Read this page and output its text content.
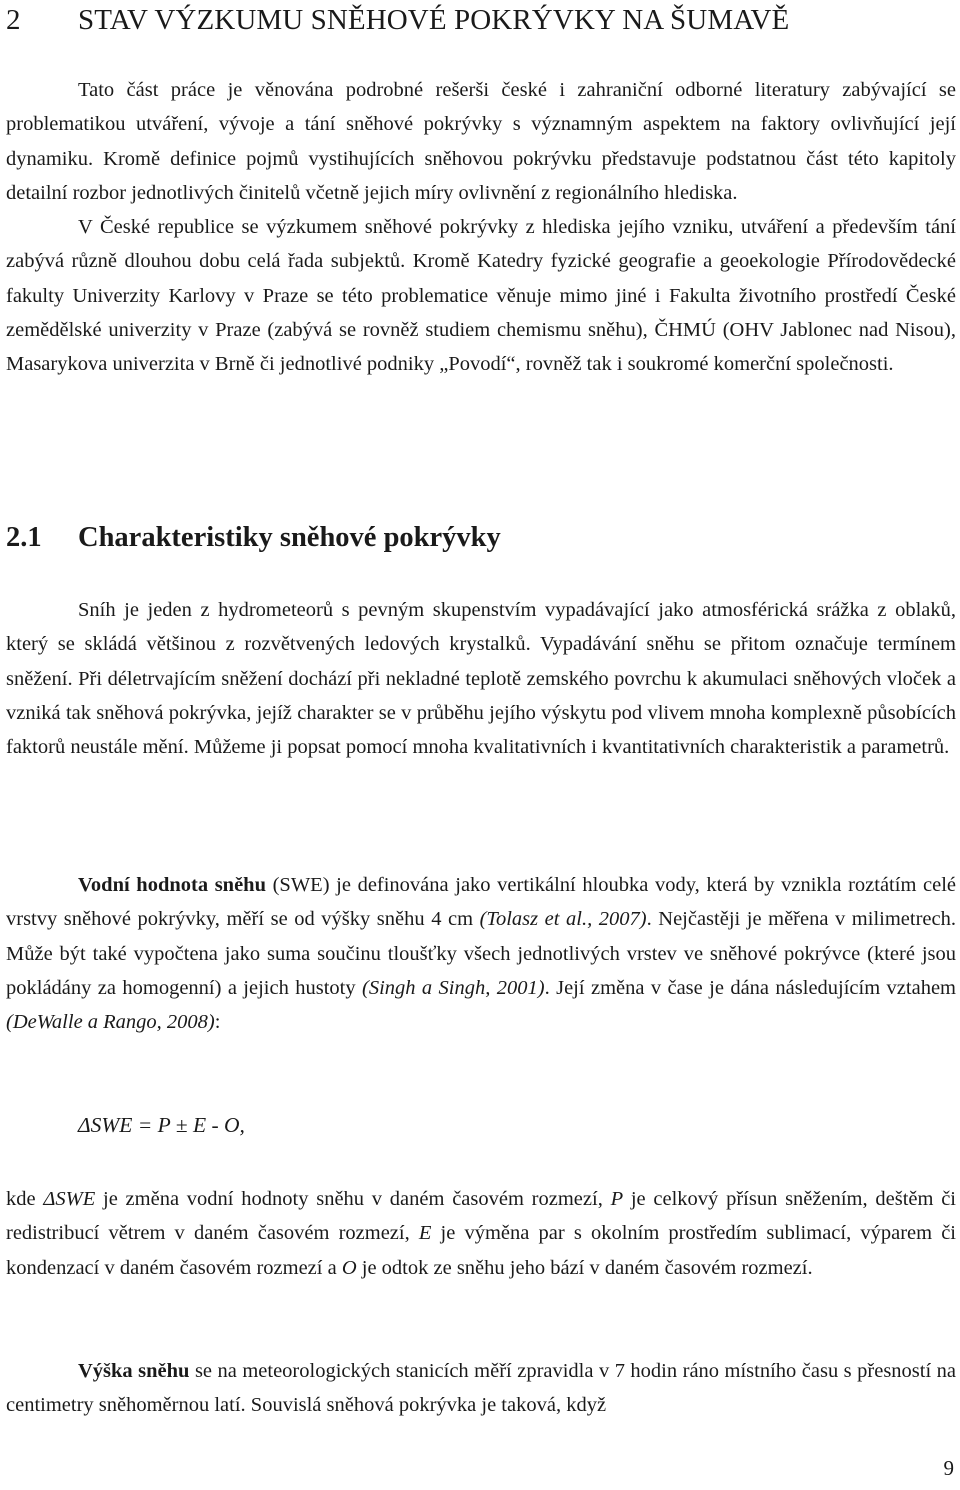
2 STAV VÝZKUMU SNĚHOVÉ POKRÝVKY NA ŠUMAVĚ

Tato část práce je věnována podrobné rešerši české i zahraniční odborné literatury zabývající se problematikou utváření, vývoje a tání sněhové pokrývky s významným aspektem na faktory ovlivňující její dynamiku. Kromě definice pojmů vystihujících sněhovou pokrývku představuje podstatnou část této kapitoly detailní rozbor jednotlivých činitelů včetně jejich míry ovlivnění z regionálního hlediska.

V České republice se výzkumem sněhové pokrývky z hlediska jejího vzniku, utváření a především tání zabývá různě dlouhou dobu celá řada subjektů. Kromě Katedry fyzické geografie a geoekologie Přírodovědecké fakulty Univerzity Karlovy v Praze se této problematice věnuje mimo jiné i Fakulta životního prostředí České zemědělské univerzity v Praze (zabývá se rovněž studiem chemismu sněhu), ČHMÚ (OHV Jablonec nad Nisou), Masarykova univerzita v Brně či jednotlivé podniky „Povodí“, rovněž tak i soukromé komerční společnosti.

2.1 Charakteristiky sněhové pokrývky

Sníh je jeden z hydrometeorů s pevným skupenstvím vypadávající jako atmosférická srážka z oblaků, který se skládá většinou z rozvětvených ledových krystalků. Vypadávání sněhu se přitom označuje termínem sněžení. Při déletrvajícím sněžení dochází při nekladné teplotě zemského povrchu k akumulaci sněhových vloček a vzniká tak sněhová pokrývka, jejíž charakter se v průběhu jejího výskytu pod vlivem mnoha komplexně působících faktorů neustále mění. Můžeme ji popsat pomocí mnoha kvalitativních i kvantitativních charakteristik a parametrů.

Vodní hodnota sněhu (SWE) je definována jako vertikální hloubka vody, která by vznikla roztátím celé vrstvy sněhové pokrývky, měří se od výšky sněhu 4 cm (Tolasz et al., 2007). Nejčastěji je měřena v milimetrech. Může být také vypočtena jako suma součinu tloušťky všech jednotlivých vrstev ve sněhové pokrývce (které jsou pokládány za homogenní) a jejich hustoty (Singh a Singh, 2001). Její změna v čase je dána následujícím vztahem (DeWalle a Rango, 2008):

ΔSWE = P ± E - O,

kde ΔSWE je změna vodní hodnoty sněhu v daném časovém rozmezí, P je celkový přísun sněžením, deštěm či redistribucí větrem v daném časovém rozmezí, E je výměna par s okolním prostředím sublimací, výparem či kondenzací v daném časovém rozmezí a O je odtok ze sněhu jeho bází v daném časovém rozmezí.

Výška sněhu se na meteorologických stanicích měří zpravidla v 7 hodin ráno místního času s přesností na centimetry sněhoměrnou latí. Souvislá sněhová pokrývka je taková, když

9
